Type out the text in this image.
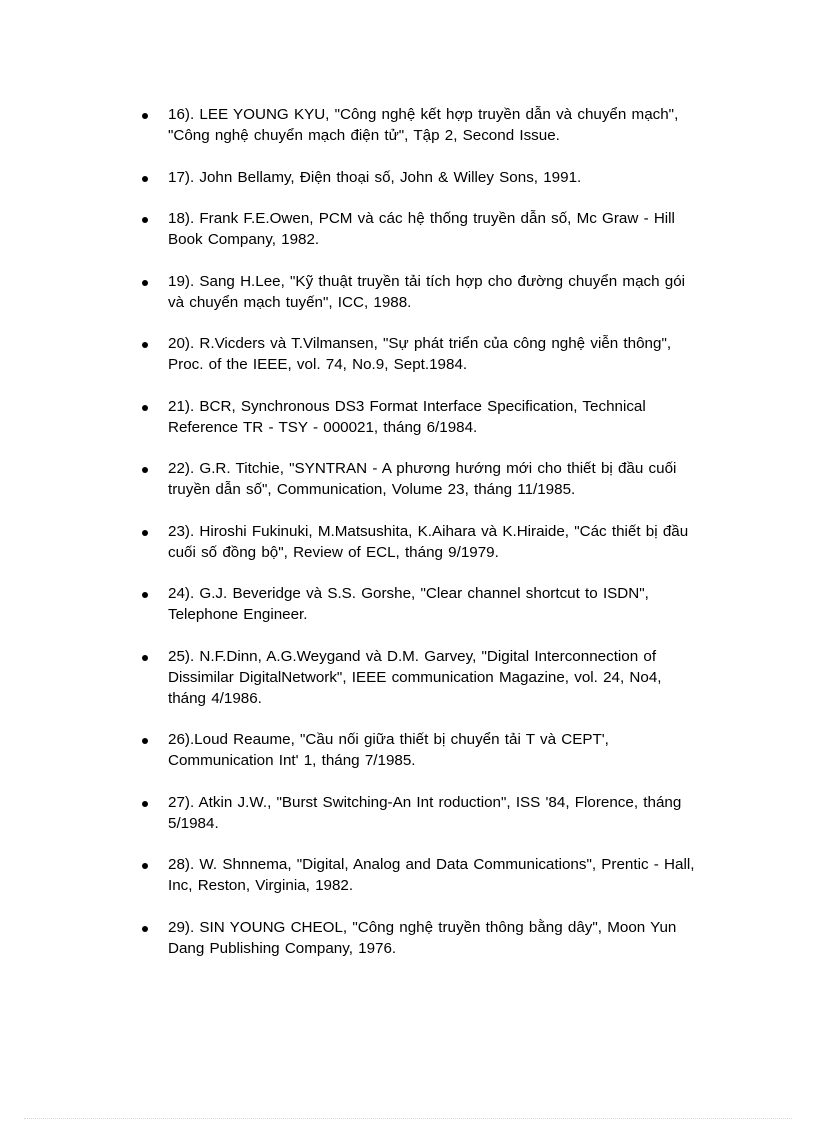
16). LEE YOUNG KYU, "Công nghệ kết hợp truyền dẫn và chuyển mạch", "Công nghệ chuyển mạch điện tử", Tập 2, Second Issue.
17). John Bellamy, Điện thoại số, John & Willey Sons, 1991.
18). Frank F.E.Owen, PCM và các hệ thống truyền dẫn số, Mc Graw - Hill Book Company, 1982.
19). Sang H.Lee, "Kỹ thuật truyền tải tích hợp cho đường chuyển mạch gói và chuyển mạch tuyến", ICC, 1988.
20). R.Vicders và T.Vilmansen, "Sự phát triển của công nghệ viễn thông", Proc. of the IEEE, vol. 74, No.9, Sept.1984.
21). BCR, Synchronous DS3 Format Interface Specification, Technical Reference TR - TSY - 000021, tháng 6/1984.
22). G.R. Titchie, "SYNTRAN - A phương hướng mới cho thiết bị đầu cuối truyền dẫn số", Communication, Volume 23, tháng 11/1985.
23). Hiroshi Fukinuki, M.Matsushita, K.Aihara và K.Hiraide, "Các thiết bị đầu cuối số đồng bộ", Review of ECL, tháng 9/1979.
24). G.J. Beveridge và S.S. Gorshe, "Clear channel shortcut to ISDN", Telephone Engineer.
25). N.F.Dinn, A.G.Weygand và D.M. Garvey, "Digital Interconnection of Dissimilar DigitalNetwork", IEEE communication Magazine, vol. 24, No4, tháng 4/1986.
26).Loud Reaume, "Cầu nối giữa thiết bị chuyển tải T và CEPT', Communication Int' 1, tháng 7/1985.
27). Atkin J.W., "Burst Switching-An Int roduction", ISS '84, Florence, tháng 5/1984.
28). W. Shnnema, "Digital, Analog and Data Communications", Prentic - Hall, Inc, Reston, Virginia, 1982.
29). SIN YOUNG CHEOL, "Công nghệ truyền thông bằng dây", Moon Yun Dang Publishing Company, 1976.
